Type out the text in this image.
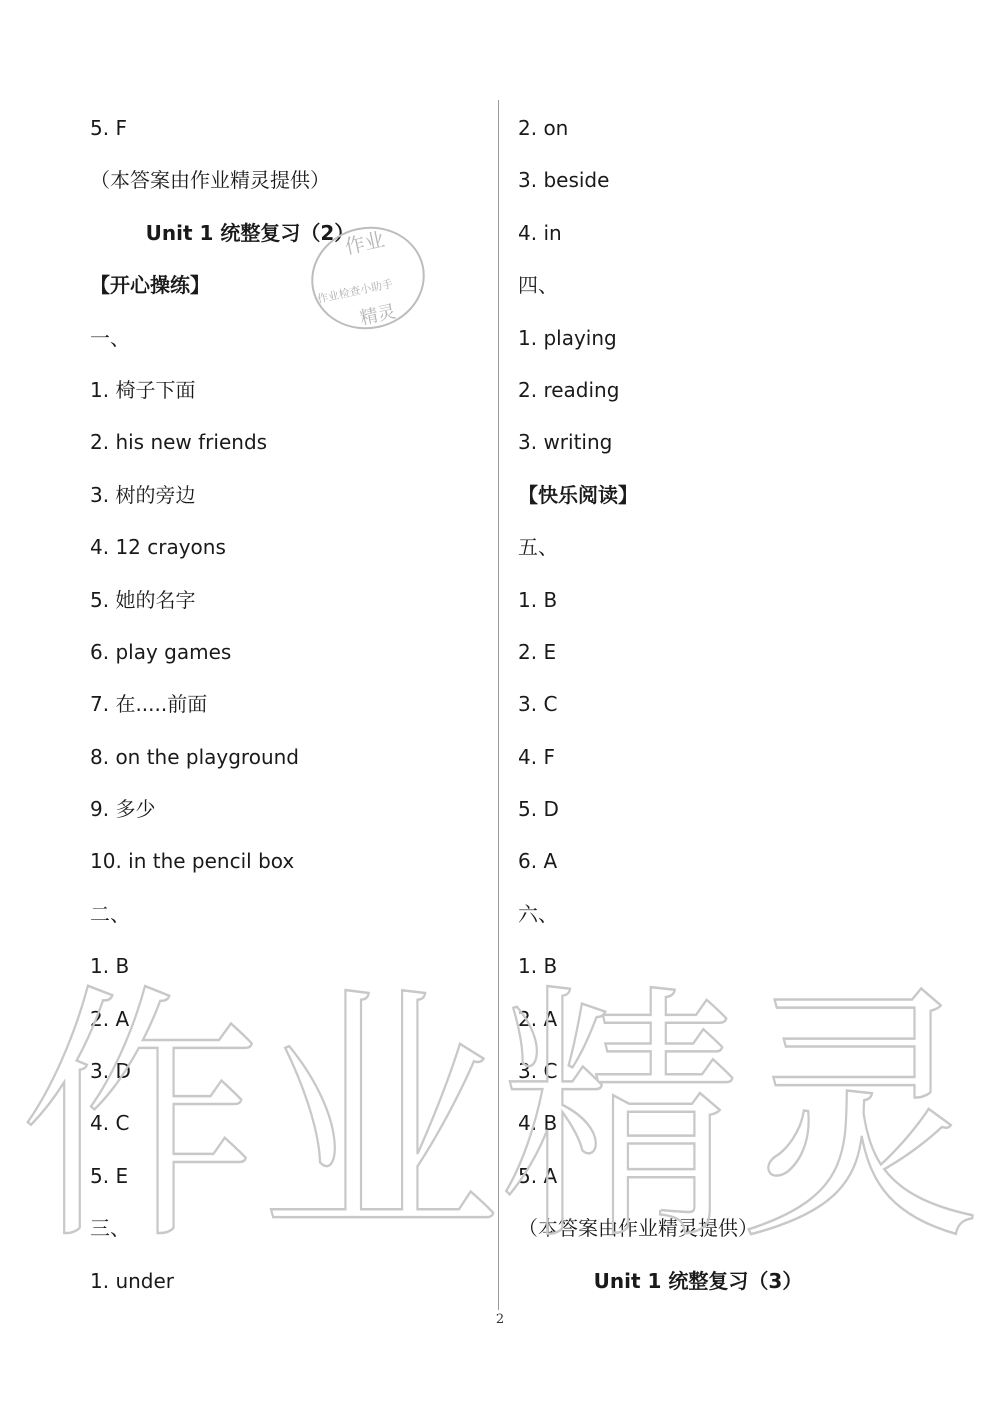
5. F
（本答案由作业精灵提供）
Unit 1 统整复习（2）
【开心操练】
一、
1. 椅子下面
2. his new friends
3. 树的旁边
4. 12 crayons
5. 她的名字
6. play games
7. 在.....前面
8. on the playground
9. 多少
10. in the pencil box
二、
1. B
2. A
3. D
4. C
5. E
三、
1. under
2. on
3. beside
4. in
四、
1. playing
2. reading
3. writing
【快乐阅读】
五、
1. B
2. E
3. C
4. F
5. D
6. A
六、
1. B
2. A
3. C
4. B
5. A
（本答案由作业精灵提供）
Unit 1 统整复习（3）
2
作业
作业检查小助手
精灵
作业精灵
